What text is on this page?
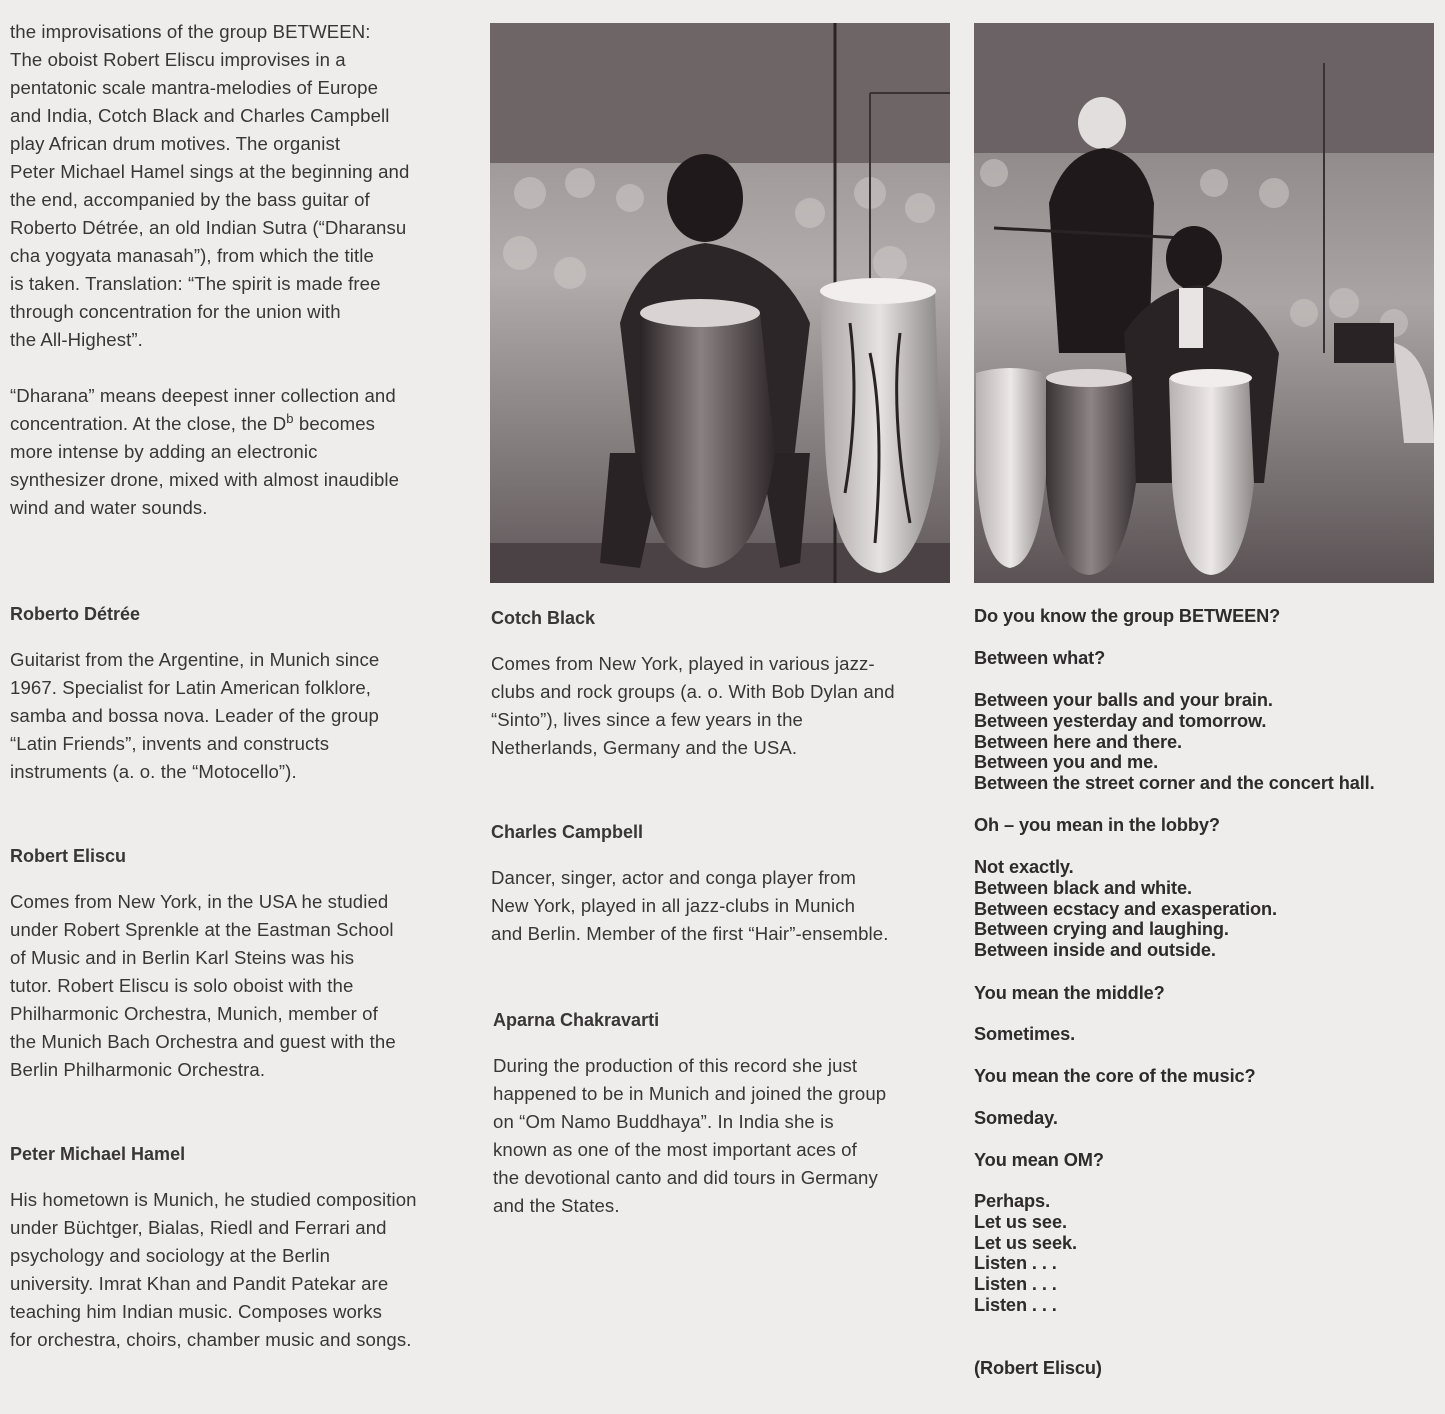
the improvisations of the group BETWEEN:
The oboist Robert Eliscu improvises in a
pentatonic scale mantra-melodies of Europe
and India, Cotch Black and Charles Campbell
play African drum motives. The organist
Peter Michael Hamel sings at the beginning and
the end, accompanied by the bass guitar of
Roberto Détrée, an old Indian Sutra (“Dharansu
cha yogyata manasah”), from which the title
is taken. Translation: “The spirit is made free
through concentration for the union with
the All-Highest”.

“Dharana” means deepest inner collection and
concentration. At the close, the $D^b$ becomes
more intense by adding an electronic
synthesizer drone, mixed with almost inaudible
wind and water sounds.

Roberto Détrée

Guitarist from the Argentine, in Munich since
1967. Specialist for Latin American folklore,
samba and bossa nova. Leader of the group
“Latin Friends”, invents and constructs
instruments (a. o. the “Motocello”).

Robert Eliscu

Comes from New York, in the USA he studied
under Robert Sprenkle at the Eastman School
of Music and in Berlin Karl Steins was his
tutor. Robert Eliscu is solo oboist with the
Philharmonic Orchestra, Munich, member of
the Munich Bach Orchestra and guest with the
Berlin Philharmonic Orchestra.

Peter Michael Hamel

His hometown is Munich, he studied composition
under Büchtger, Bialas, Riedl and Ferrari and
psychology and sociology at the Berlin
university. Imrat Khan and Pandit Patekar are
teaching him Indian music. Composes works
for orchestra, choirs, chamber music and songs.

Cotch Black

Comes from New York, played in various jazz-
clubs and rock groups (a. o. With Bob Dylan and
“Sinto”), lives since a few years in the
Netherlands, Germany and the USA.

Charles Campbell

Dancer, singer, actor and conga player from
New York, played in all jazz-clubs in Munich
and Berlin. Member of the first “Hair”-ensemble.

Aparna Chakravarti

During the production of this record she just
happened to be in Munich and joined the group
on “Om Namo Buddhaya”. In India she is
known as one of the most important aces of
the devotional canto and did tours in Germany
and the States.

Do you know the group BETWEEN?

Between what?

Between your balls and your brain.
Between yesterday and tomorrow.
Between here and there.
Between you and me.
Between the street corner and the concert hall.

Oh – you mean in the lobby?

Not exactly.
Between black and white.
Between ecstacy and exasperation.
Between crying and laughing.
Between inside and outside.

You mean the middle?

Sometimes.

You mean the core of the music?

Someday.

You mean OM?

Perhaps.
Let us see.
Let us seek.
Listen . . .
Listen . . .
Listen . . .

(Robert Eliscu)
